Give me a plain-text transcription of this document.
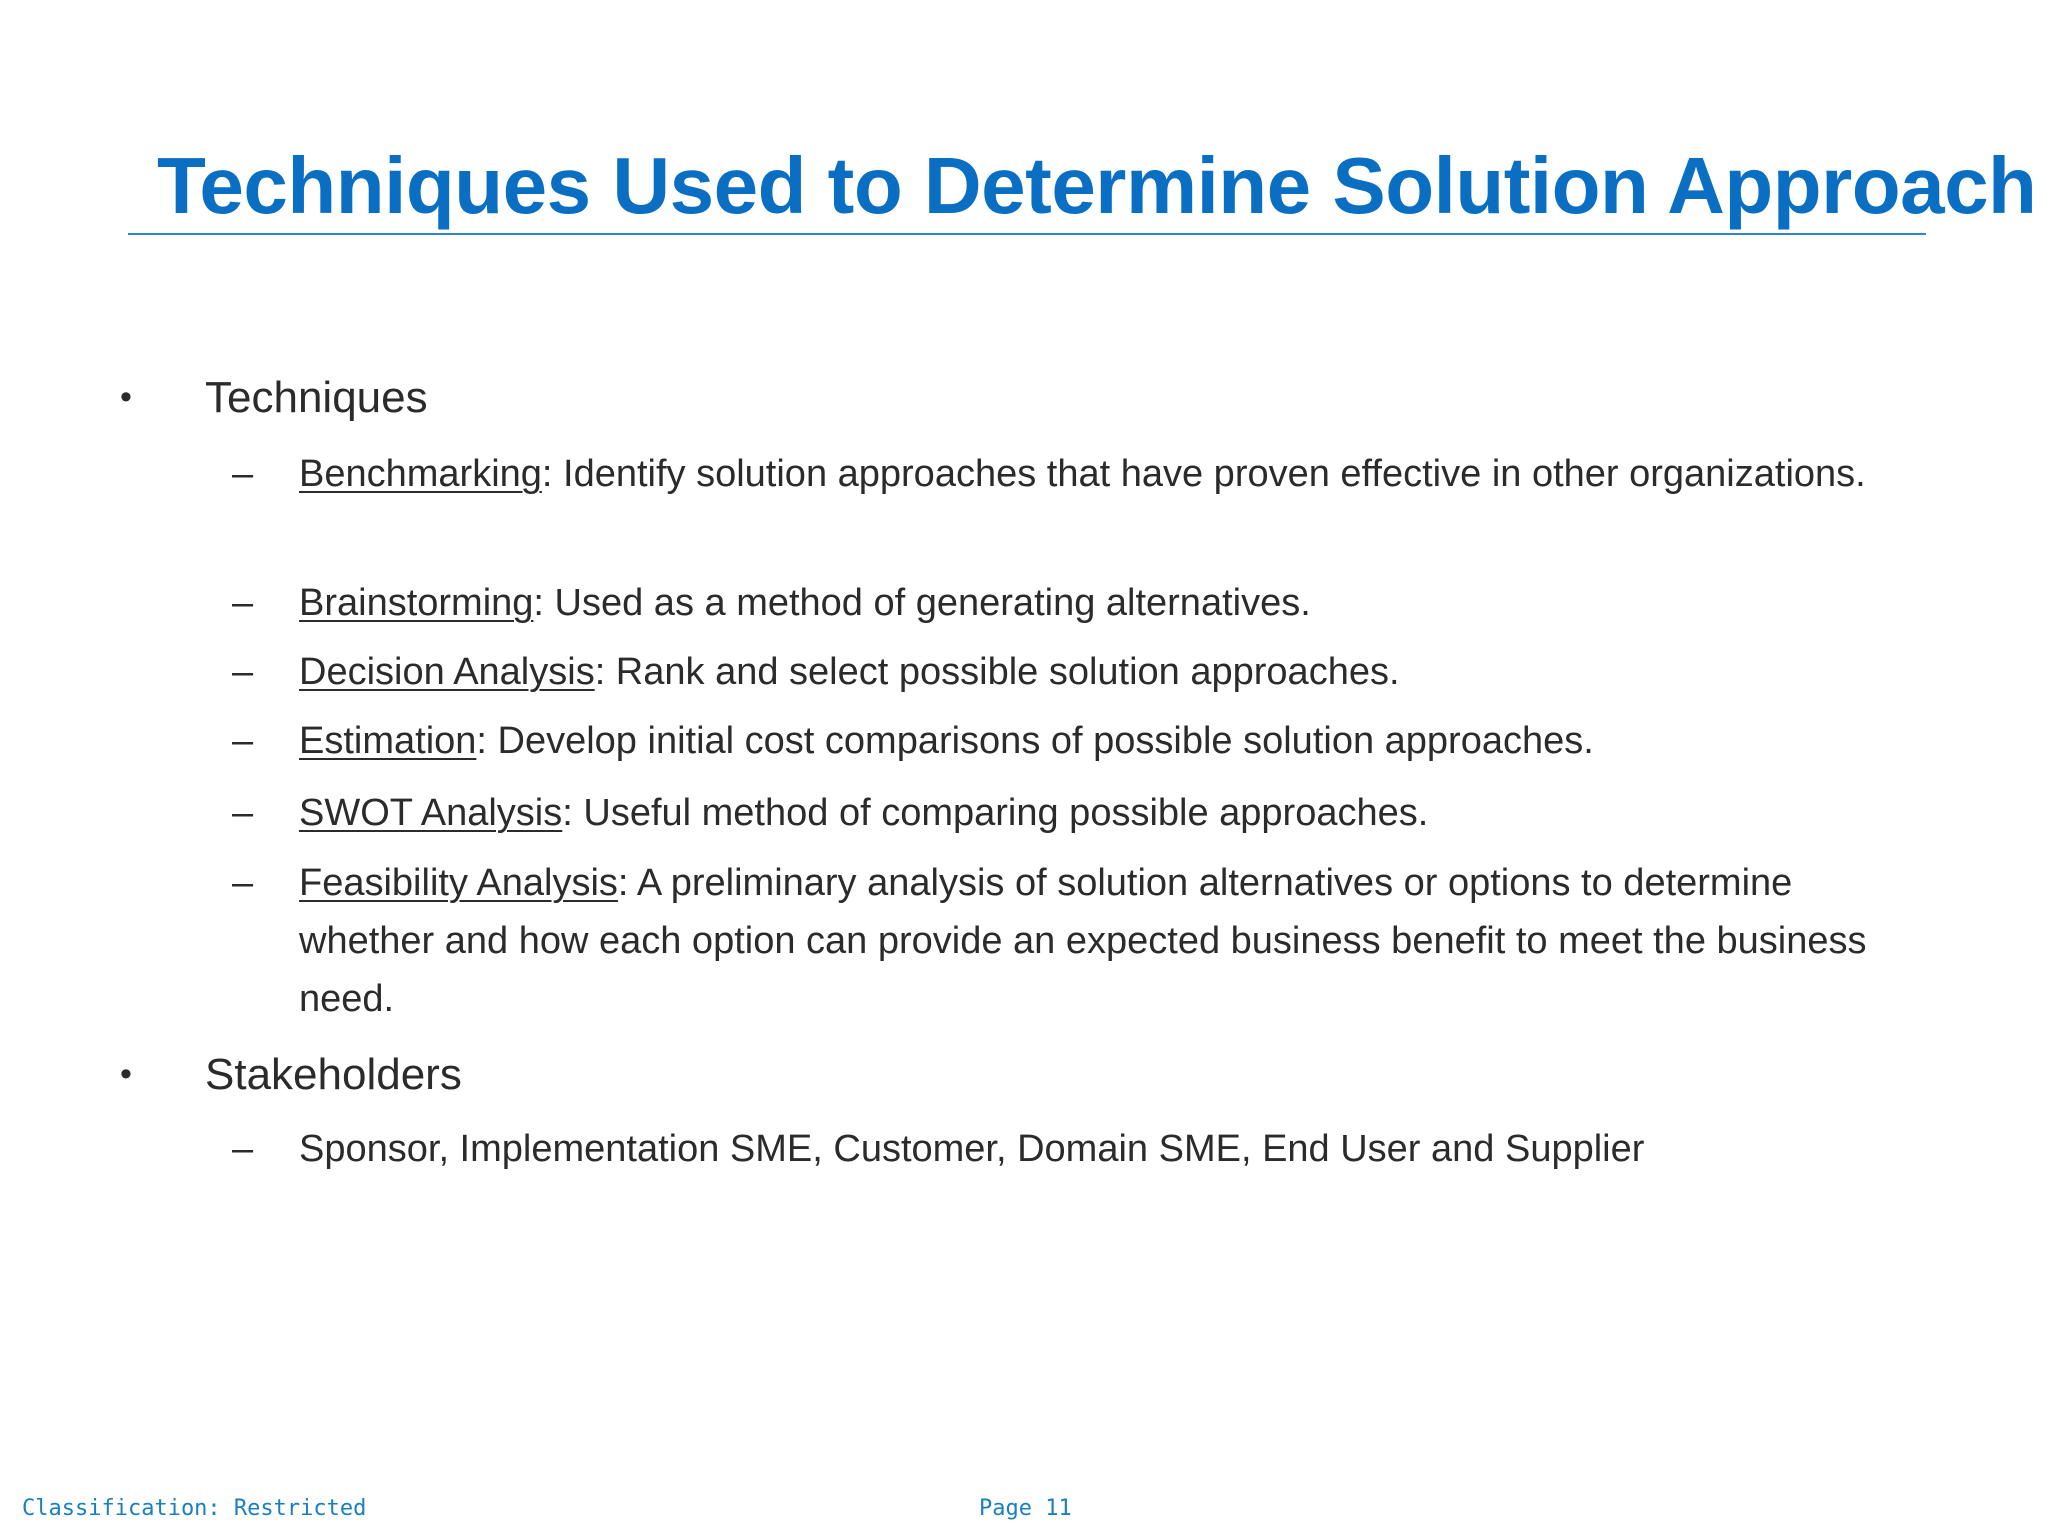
Techniques Used to Determine Solution Approach
• Techniques
– Benchmarking: Identify solution approaches that have proven effective in other organizations.
– Brainstorming: Used as a method of generating alternatives.
– Decision Analysis: Rank and select possible solution approaches.
– Estimation: Develop initial cost comparisons of possible solution approaches.
– SWOT Analysis: Useful method of comparing possible approaches.
– Feasibility Analysis: A preliminary analysis of solution alternatives or options to determine whether and how each option can provide an expected business benefit to meet the business need.
• Stakeholders
– Sponsor, Implementation SME, Customer, Domain SME, End User and Supplier
Classification: Restricted	Page 11
